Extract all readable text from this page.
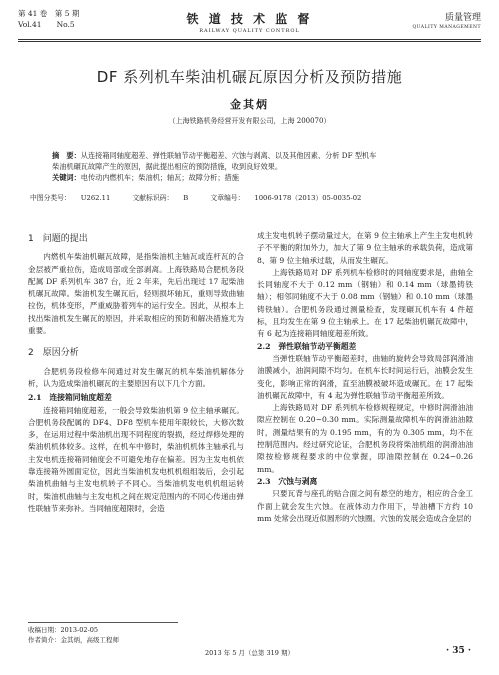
第 41 卷　第 5 期
Vol.41　　No.5	铁 道 技 术 监 督
RAILWAY QUALITY CONTROL
质量管理
QUALITY MANAGEMENT
DF 系列机车柴油机碾瓦原因分析及预防措施
金其炳
（上海铁路机务经营开发有限公司，上海 200070）
摘　要：从连接箱同轴度超差、弹性联轴节动平衡超差、穴蚀与剥离、以及其他因素、分析 DF 型机车
柴油机碾瓦故障产生的原因，据此提出相应的预防措施，收到良好效果。
关键词：电传动内燃机车；柴油机；轴瓦；故障分析；措施
中图分类号： U262.11	文献标识码： B	文章编号： 1006-9178（2013）05-0035-02
1　问题的提出

内燃机车柴油机碾瓦故障，是指柴油机主轴瓦或连杆瓦的合金层被严重拉伤，造成局部或全部剥离。上海铁路局合肥机务段配属 DF 系列机车 387 台，近 2 年来，先后出现过 17 起柴油机碾瓦故障。柴油机发生碾瓦后，轻则损坏轴瓦，重则导致曲轴拉伤，机体变形，严重威胁着列车的运行安全。因此，从根本上找出柴油机发生碾瓦的原因，并采取相应的预防和解决措施尤为重要。

2　原因分析

合肥机务段检修车间通过对发生碾瓦的机车柴油机解体分析，认为造成柴油机碾瓦的主要原因有以下几个方面。

2.1　连接箱同轴度超差

连接箱同轴度超差，一般会导致柴油机第 9 位主轴承碾瓦。合肥机务段配属的 DF4、DF8 型机车使用年限较长，大修次数多，在运用过程中柴油机出现不同程度的裂损，经过焊修处理的柴油机机体较多。这样，在机车中修时，柴油机机体主轴承孔与主发电机连接箱同轴度会不可避免地存在偏差。因为主发电机依靠连接箱外圆面定位，因此当柴油机发电机机组组装后，会引起柴油机曲轴与主发电机转子不同心。当柴油机发电机机组运转时，柴油机曲轴与主发电机之间在规定范围内的不同心传递由弹性联轴节来弥补。当同轴度超限时，会造

成主发电机转子摆动量过大，在第 9 位主轴承上产生主发电机转子不平衡的附加外力，加大了第 9 位主轴承的承载负荷，造成第 8、第 9 位主轴承过载，从而发生碾瓦。

上海铁路局对 DF 系列机车检修时的同轴度要求是，曲轴全长同轴度不大于 0.12 mm（钢轴）和 0.14 mm（球墨铸铁轴）；相邻同轴度不大于 0.08 mm（钢轴）和 0.10 mm（球墨铸铁轴）。合肥机务段通过测量检查，发现碾瓦机车有 4 件超标，且均发生在第 9 位主轴承上。在 17 起柴油机碾瓦故障中，有 6 起为连接箱同轴度超差所致。

2.2　弹性联轴节动平衡超差

当弹性联轴节动平衡超差时，曲轴的旋转会导致局部润滑油油膜减小，油润间隙不均匀。在机车长时间运行后，油膜会发生变化，影响正常的润滑，直至油膜被破坏造成碾瓦。在 17 起柴油机碾瓦故障中，有 4 起为弹性联轴节动平衡超差所致。

上海铁路局对 DF 系列机车检修规程规定，中修时润滑油油隙应控制在 0.20~0.30 mm。实际测量故障机车的润滑油油隙时，测量结果有的为 0.195 mm，有的为 0.305 mm，均不在控制范围内。经过研究论证，合肥机务段将柴油机组的润滑油油隙按检修规程要求的中位掌握，即油隙控制在 0.24~0.26 mm。

2.3　穴蚀与剥离

只要瓦背与座孔的贴合面之间有悬空的地方，相应的合金工作面上就会发生穴蚀。在液体动力作用下，导油槽下方约 10 mm 处常会出现近似圆形的穴蚀圈。穴蚀的发展会造成合金层的

收稿日期：2013-02-05
作者简介：金其炳，高级工程师
2013 年 5 月（总第 319 期）	· 35 ·
